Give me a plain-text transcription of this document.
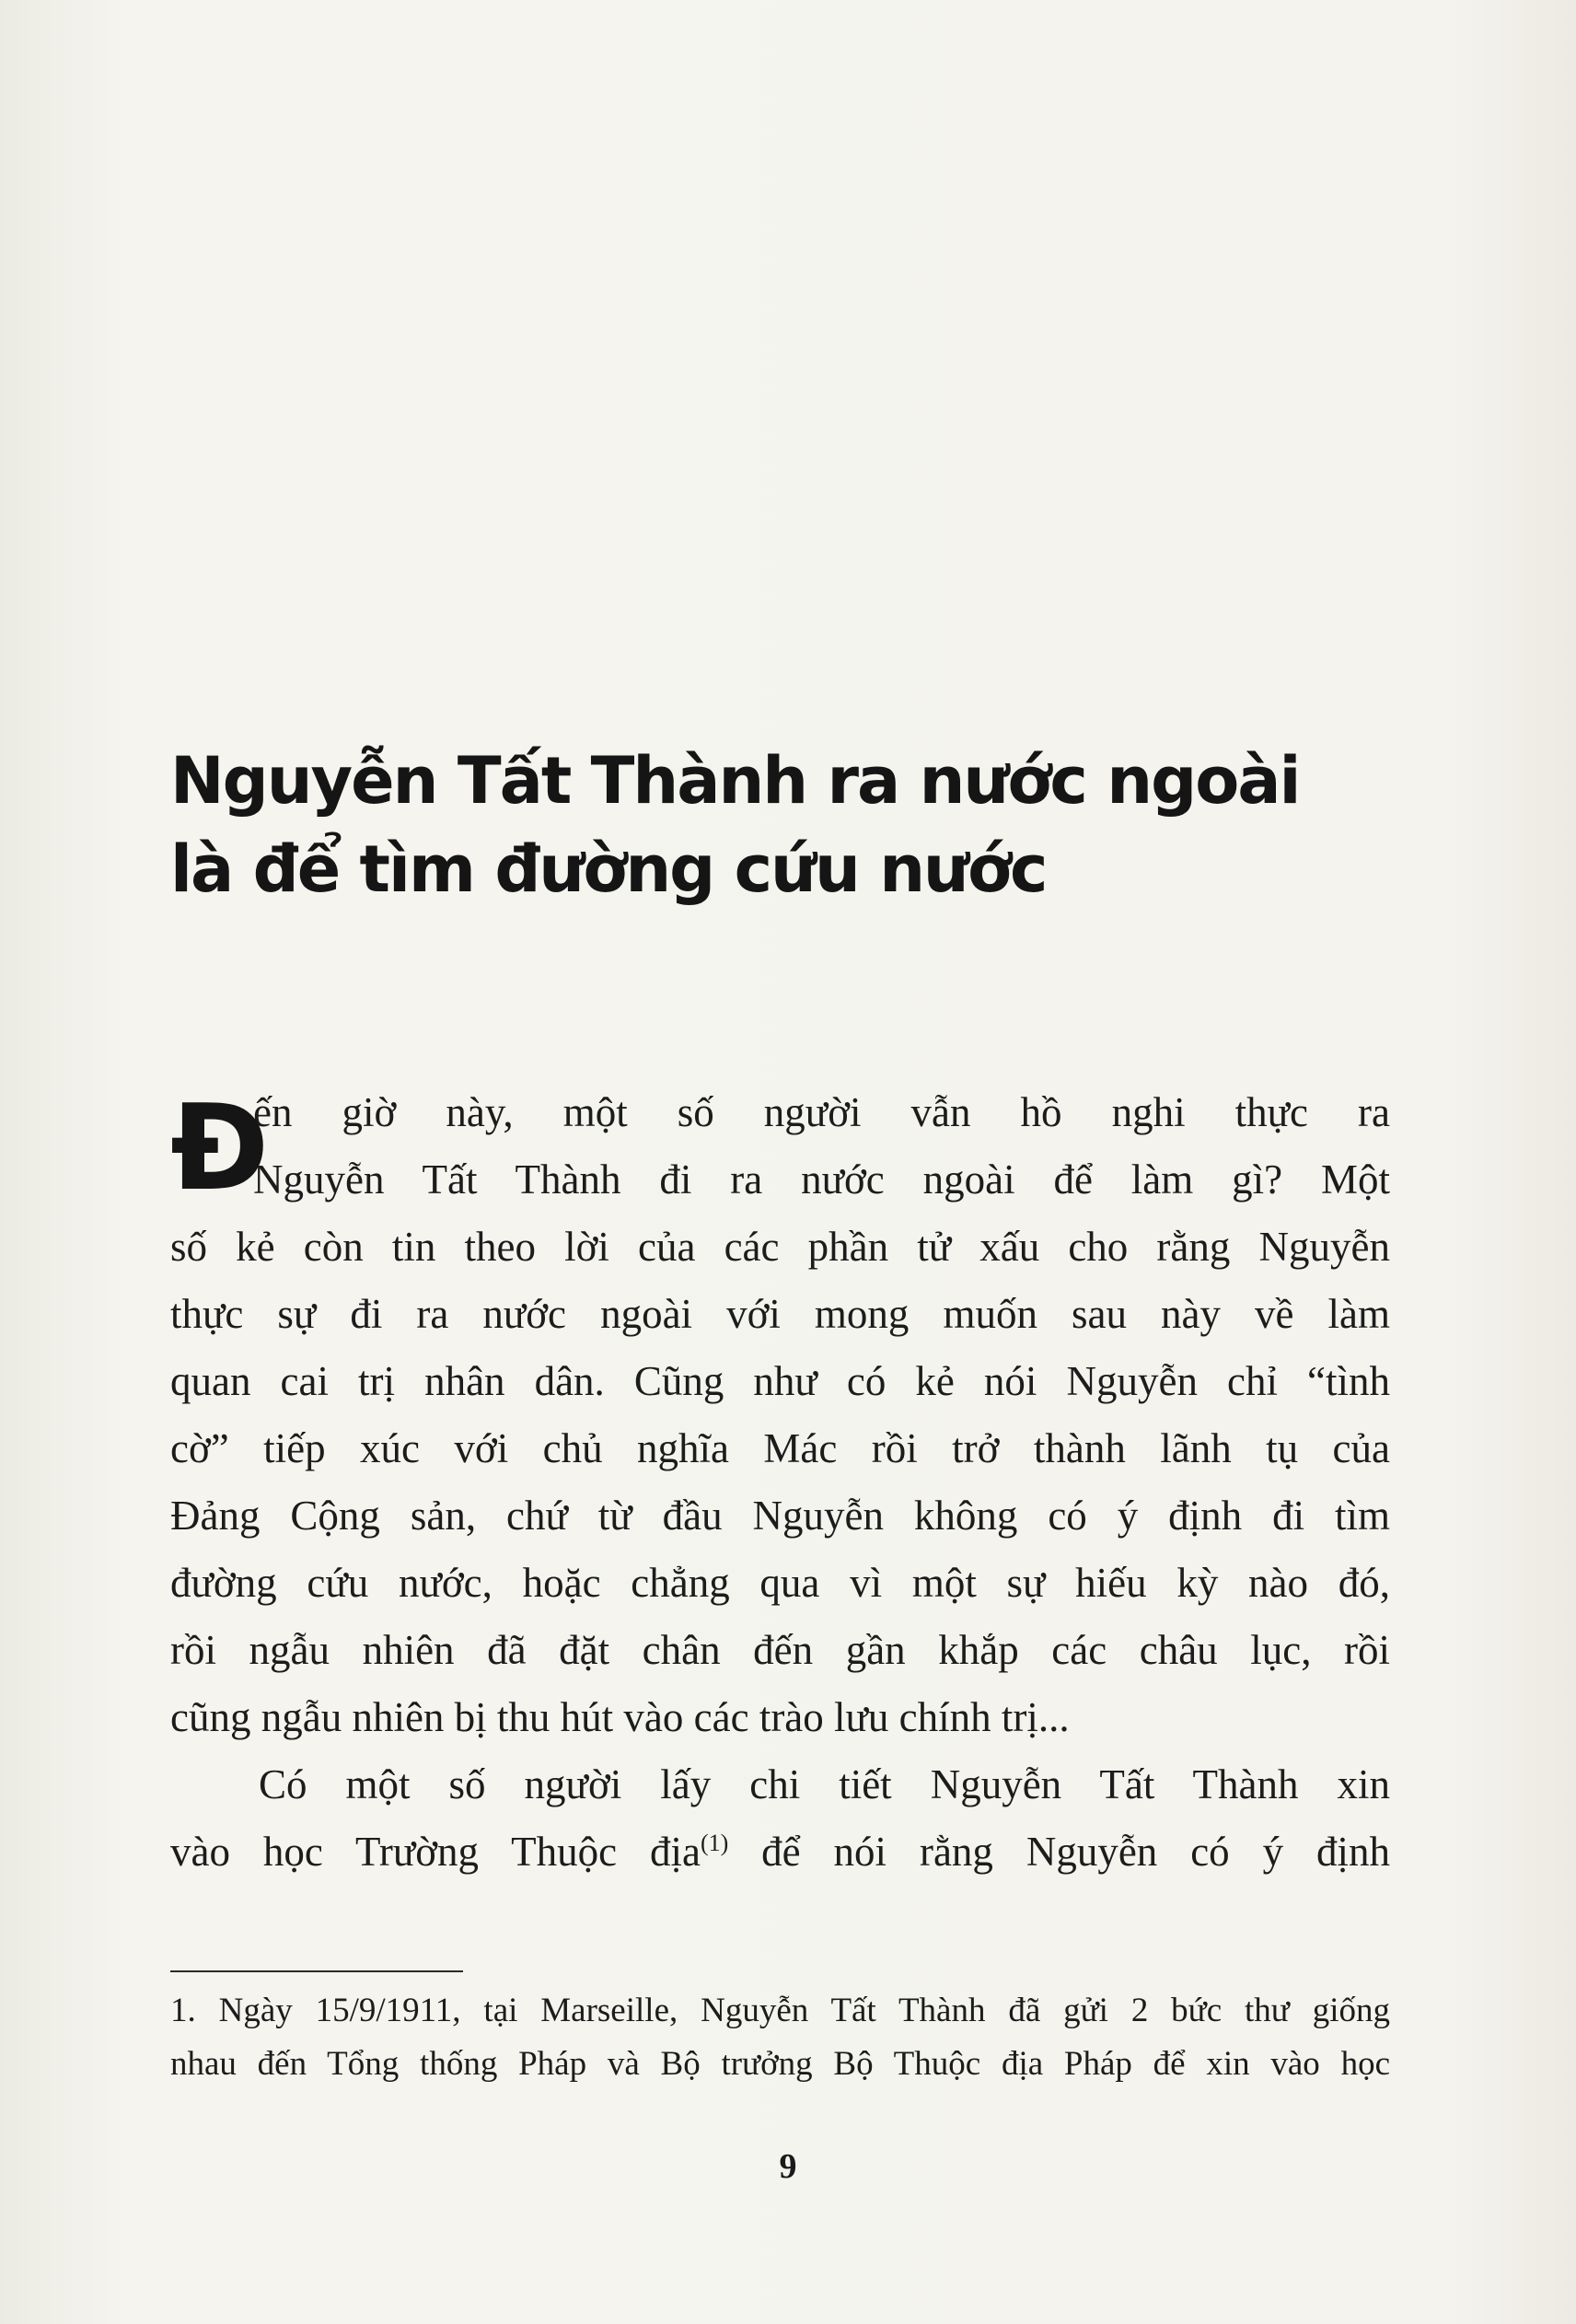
Nguyễn Tất Thành ra nước ngoài
là để tìm đường cứu nước
Đ
ến giờ này, một số người vẫn hồ nghi thực ra
Nguyễn Tất Thành đi ra nước ngoài để làm gì? Một
số kẻ còn tin theo lời của các phần tử xấu cho rằng Nguyễn
thực sự đi ra nước ngoài với mong muốn sau này về làm
quan cai trị nhân dân. Cũng như có kẻ nói Nguyễn chỉ “tình
cờ” tiếp xúc với chủ nghĩa Mác rồi trở thành lãnh tụ của
Đảng Cộng sản, chứ từ đầu Nguyễn không có ý định đi tìm
đường cứu nước, hoặc chẳng qua vì một sự hiếu kỳ nào đó,
rồi ngẫu nhiên đã đặt chân đến gần khắp các châu lục, rồi
cũng ngẫu nhiên bị thu hút vào các trào lưu chính trị...
Có một số người lấy chi tiết Nguyễn Tất Thành xin
vào học Trường Thuộc địa$^{(1)}$ để nói rằng Nguyễn có ý định
1. Ngày 15/9/1911, tại Marseille, Nguyễn Tất Thành đã gửi 2 bức thư giống
nhau đến Tổng thống Pháp và Bộ trưởng Bộ Thuộc địa Pháp để xin vào học
9
